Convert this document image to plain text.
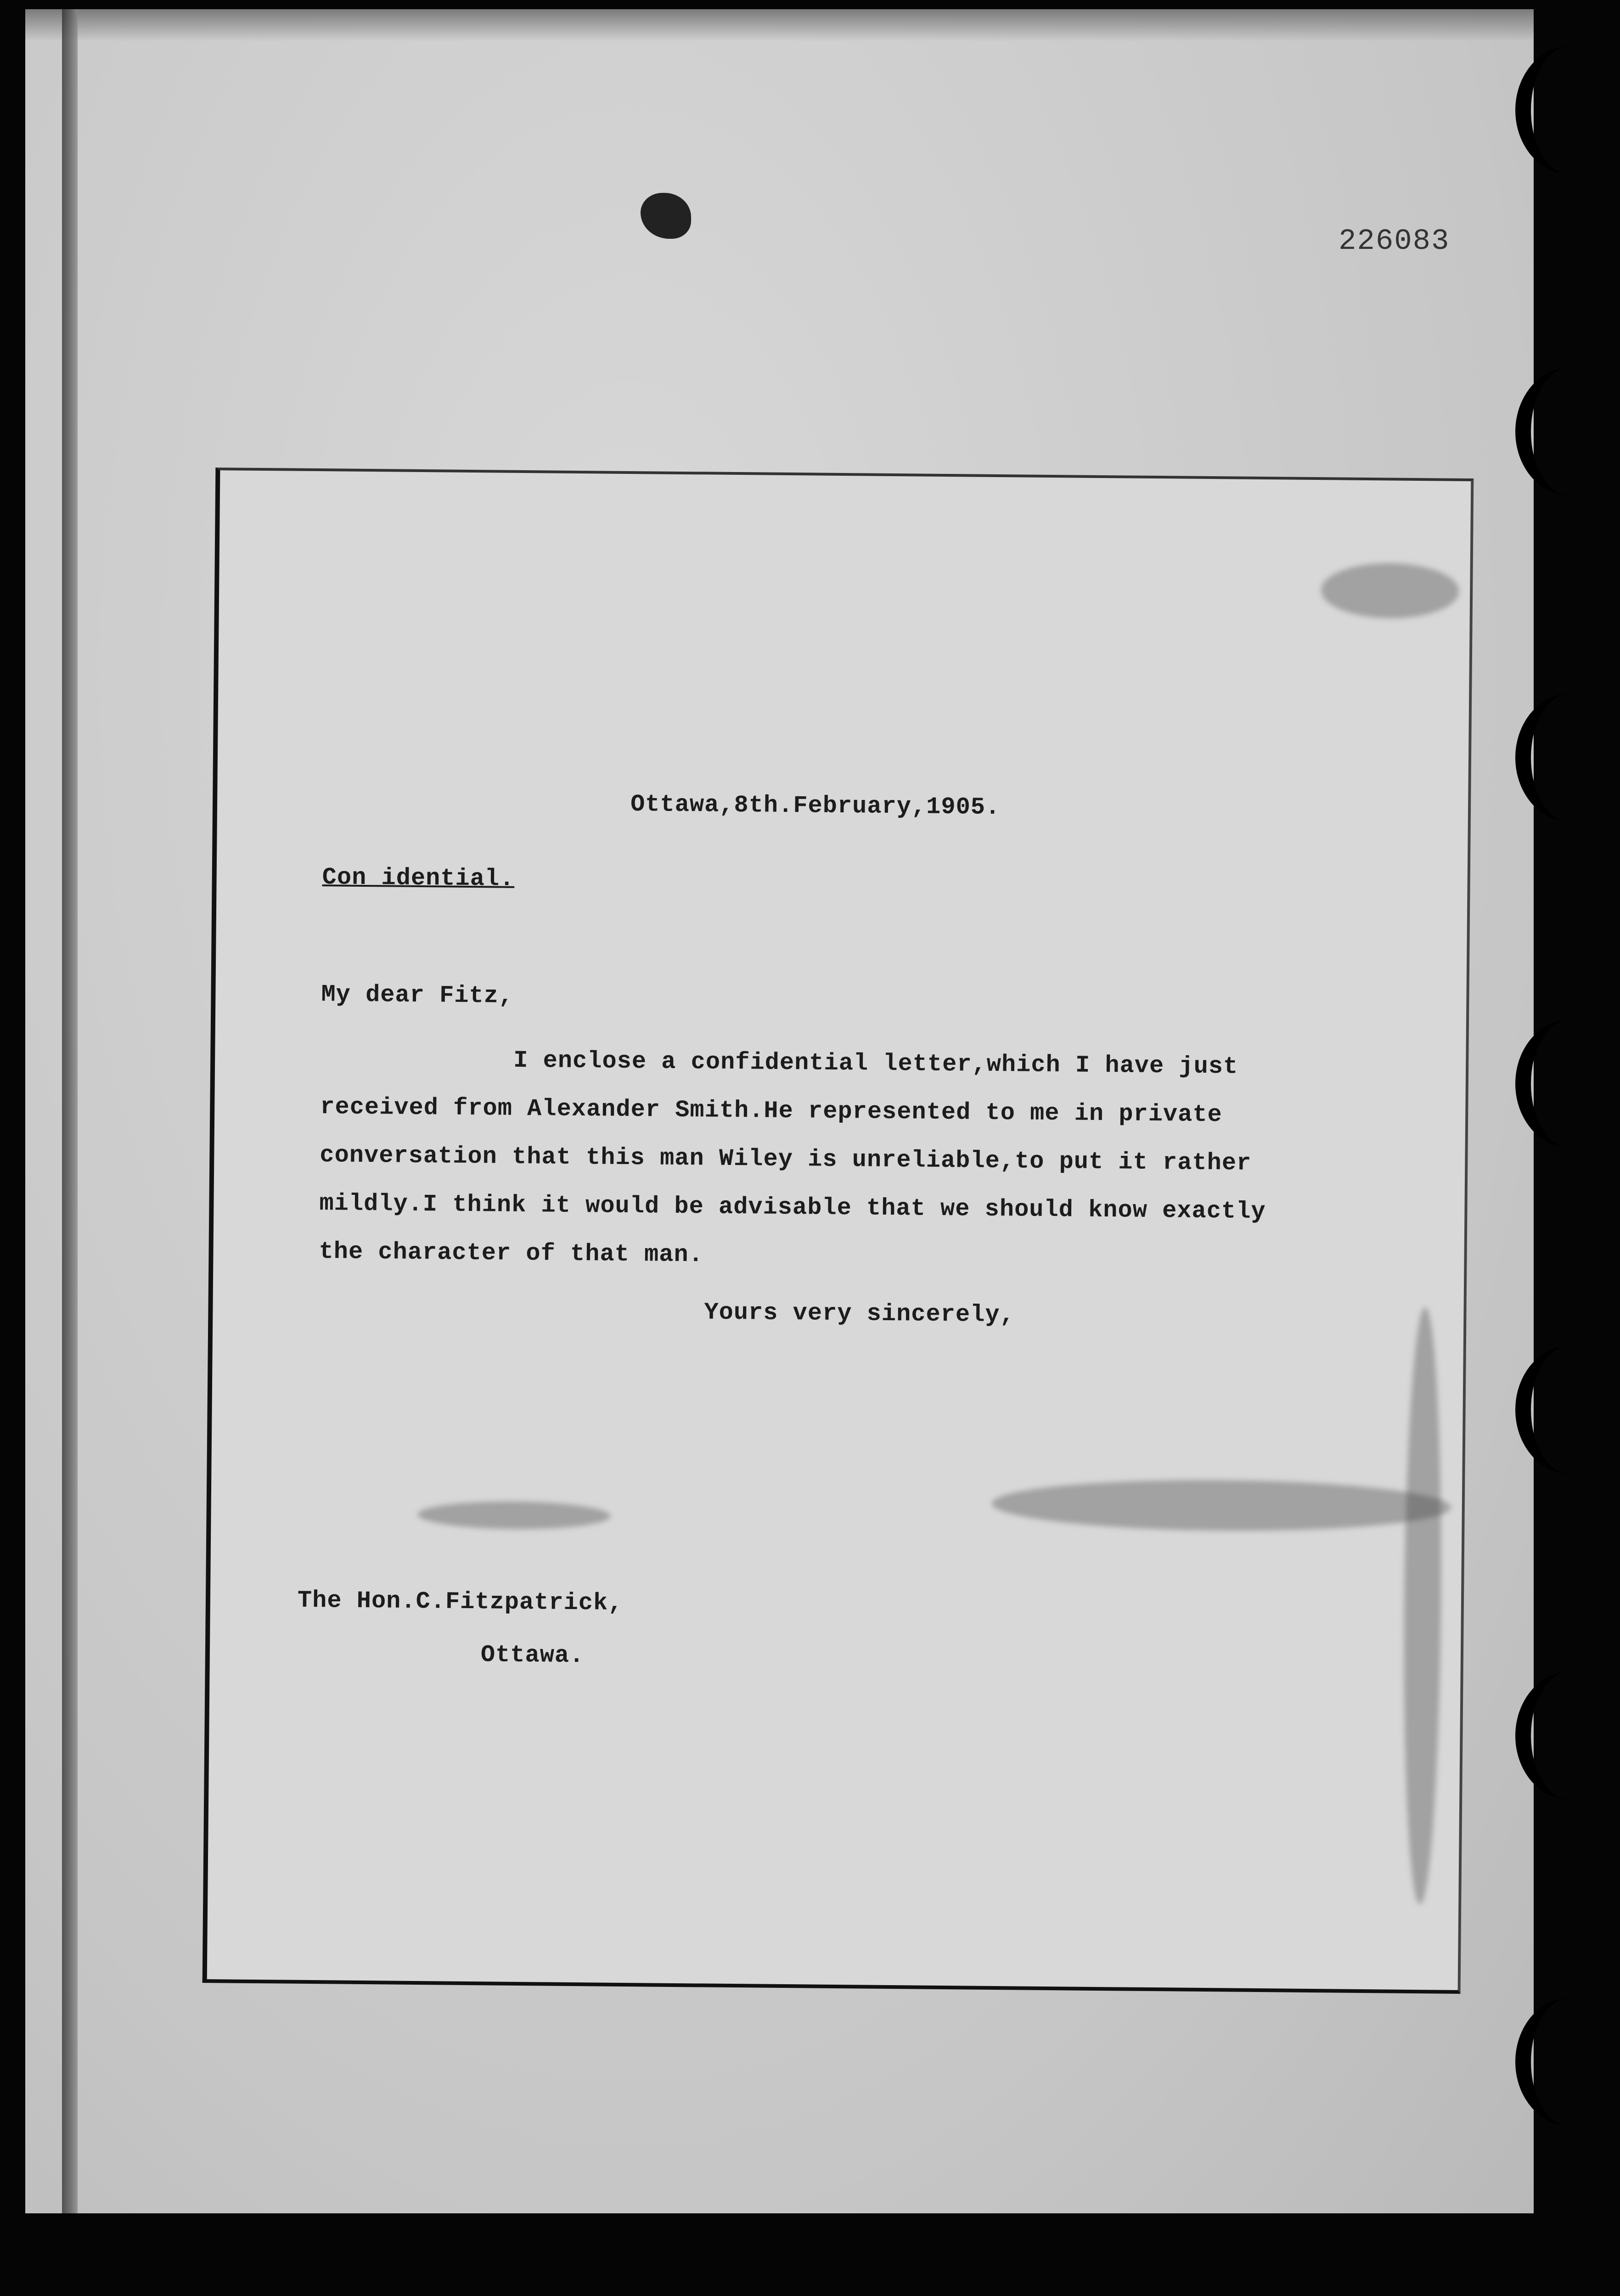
226083
Ottawa,8th.February,1905.
Con idential.
My dear Fitz,
I enclose a confidential letter,which I have just
received from Alexander Smith.He represented to me in private
conversation that this man Wiley is unreliable,to put it rather
mildly.I think it would be advisable that we should know exactly
the character of that man.
Yours very sincerely,
The Hon.C.Fitzpatrick,
Ottawa.
